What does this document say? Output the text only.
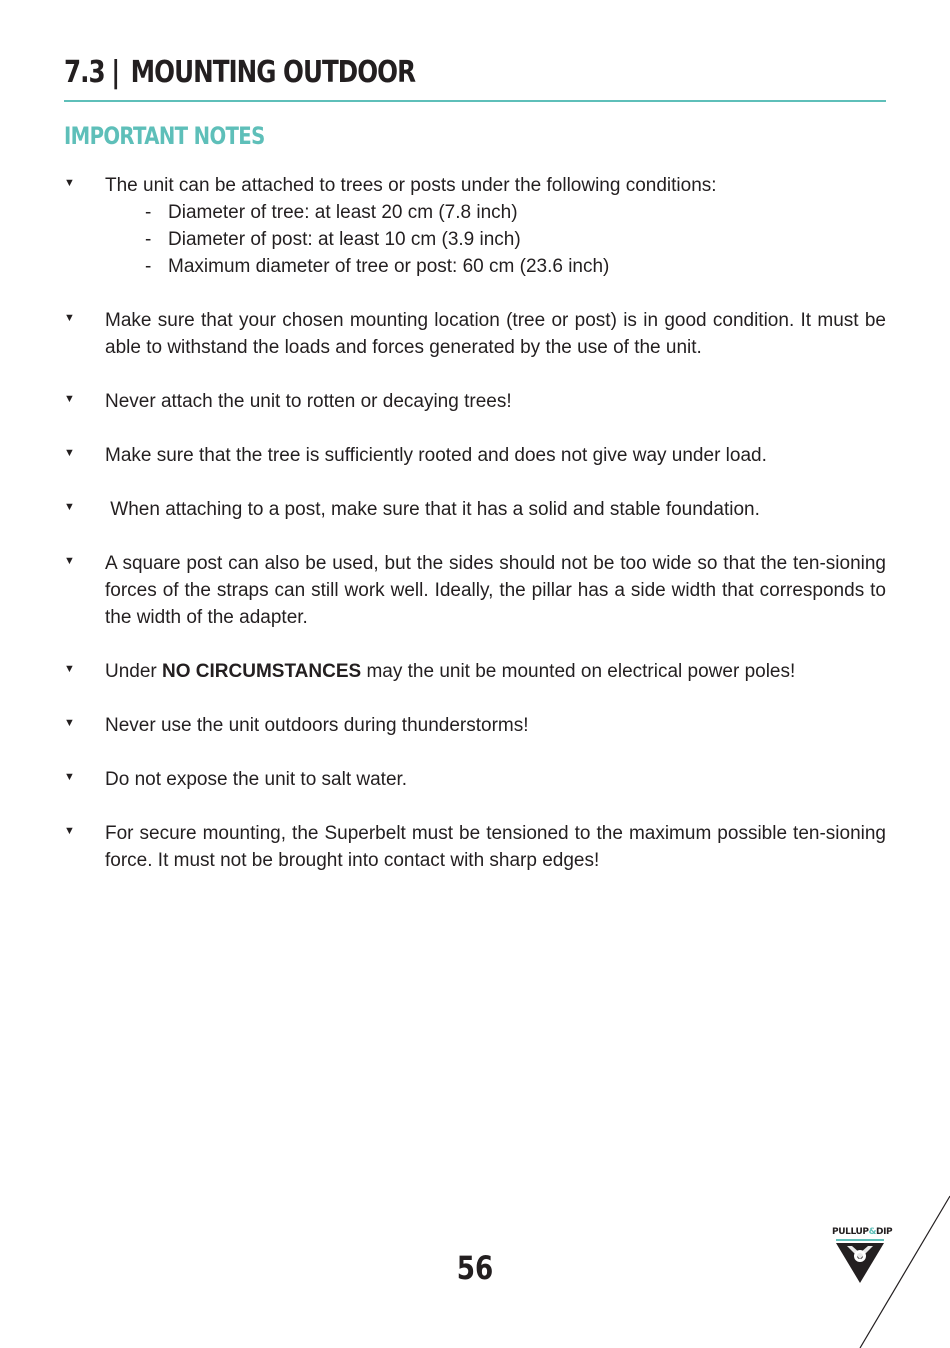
7.3 | MOUNTING OUTDOOR
IMPORTANT NOTES
▼ The unit can be attached to trees or posts under the following conditions:
- Diameter of tree: at least 20 cm (7.8 inch)
- Diameter of post: at least 10 cm (3.9 inch)
- Maximum diameter of tree or post: 60 cm (23.6 inch)
▼ Make sure that your chosen mounting location (tree or post) is in good condition. It must be able to withstand the loads and forces generated by the use of the unit.
▼ Never attach the unit to rotten or decaying trees!
▼ Make sure that the tree is sufficiently rooted and does not give way under load.
▼ When attaching to a post, make sure that it has a solid and stable foundation.
▼ A square post can also be used, but the sides should not be too wide so that the ten-sioning forces of the straps can still work well. Ideally, the pillar has a side width that corresponds to the width of the adapter.
▼ Under NO CIRCUMSTANCES may the unit be mounted on electrical power poles!
▼ Never use the unit outdoors during thunderstorms!
▼ Do not expose the unit to salt water.
▼ For secure mounting, the Superbelt must be tensioned to the maximum possible ten-sioning force. It must not be brought into contact with sharp edges!
56
PULLUP&DIP
